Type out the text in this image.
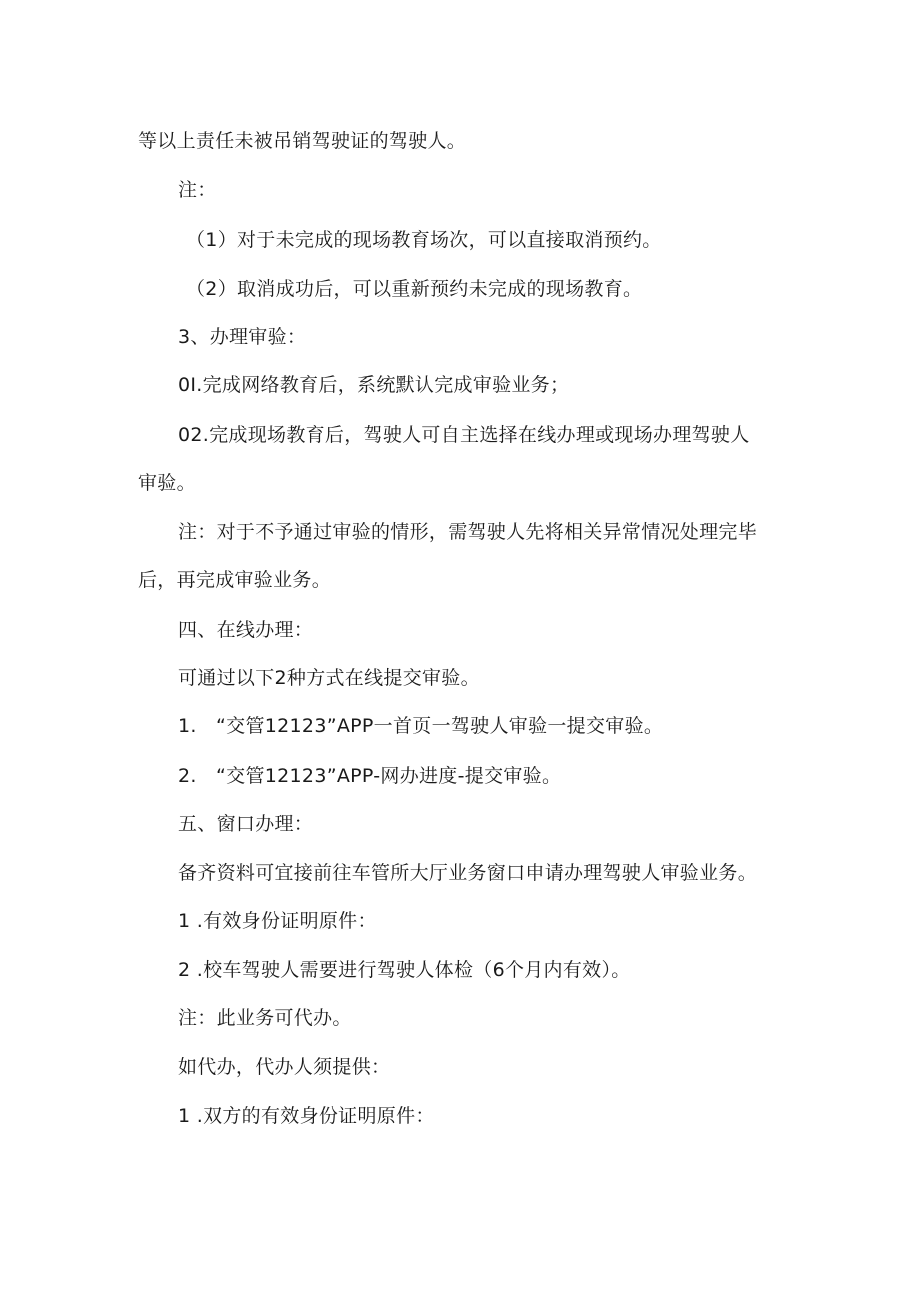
等以上责任未被吊销驾驶证的驾驶人。
注：
（1）对于未完成的现场教育场次，可以直接取消预约。
（2）取消成功后，可以重新预约未完成的现场教育。
3、办理审验：
0I.完成网络教育后，系统默认完成审验业务；
02.完成现场教育后，驾驶人可自主选择在线办理或现场办理驾驶人
审验。
注：对于不予通过审验的情形，需驾驶人先将相关异常情况处理完毕
后，再完成审验业务。
四、在线办理：
可通过以下2种方式在线提交审验。
1.　“交管12123”APP一首页一驾驶人审验一提交审验。
2.　“交管12123”APP-网办进度-提交审验。
五、窗口办理：
备齐资料可宜接前往车管所大厅业务窗口申请办理驾驶人审验业务。
1 .有效身份证明原件：
2 .校车驾驶人需要进行驾驶人体检（6个月内有效）。
注：此业务可代办。
如代办，代办人须提供：
1 .双方的有效身份证明原件：
